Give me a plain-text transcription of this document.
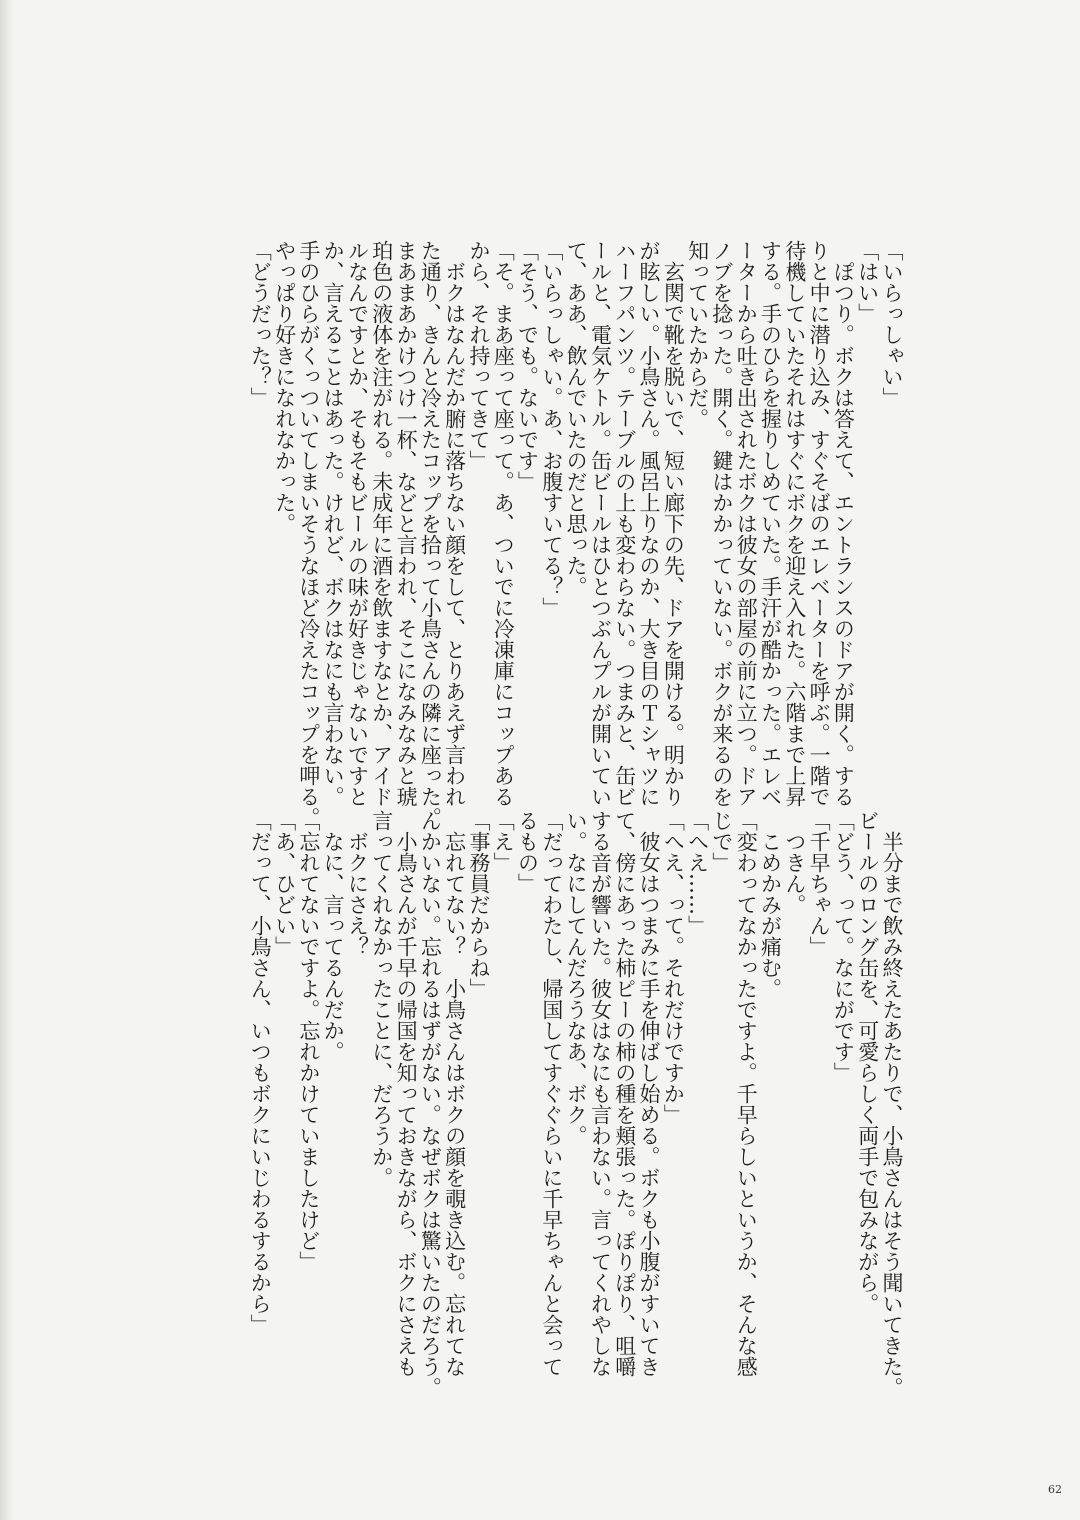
「いらっしゃい」
「はい」
　ぽつり。ボクは答えて、エントランスのドアが開く。する
りと中に潜り込み、すぐそばのエレベーターを呼ぶ。一階で
待機していたそれはすぐにボクを迎え入れた。六階まで上昇
する。手のひらを握りしめていた。手汗が酷かった。エレベ
ーターから吐き出されたボクは彼女の部屋の前に立つ。ドア
ノブを捻った。開く。鍵はかかっていない。ボクが来るのを
知っていたからだ。
　玄関で靴を脱いで、短い廊下の先、ドアを開ける。明かり
が眩しい。小鳥さん。風呂上りなのか、大き目のＴシャツに
ハーフパンツ。テーブルの上も変わらない。つまみと、缶ビ
ールと、電気ケトル。缶ビールはひとつぶんプルが開いてい
て、ああ、飲んでいたのだと思った。
「いらっしゃい。あ、お腹すいてる？」
「そう、でも。ないです」
「そ。まあ座って座って。あ、ついでに冷凍庫にコップある
から、それ持ってきて」
　ボクはなんだか腑に落ちない顔をして、とりあえず言われ
た通り、きんと冷えたコップを拾って小鳥さんの隣に座った。
まあまあかけつけ一杯、などと言われ、そこになみなみと琥
珀色の液体を注がれる。未成年に酒を飲ますなとか、アイド
ルなんですとか、そもそもビールの味が好きじゃないですと
か、言えることはあった。けれど、ボクはなにも言わない。
手のひらがくっついてしまいそうなほど冷えたコップを呷る。
やっぱり好きになれなかった。
「どうだった？」
　半分まで飲み終えたあたりで、小鳥さんはそう聞いてきた。
ビールのロング缶を、可愛らしく両手で包みながら。
「どう、って。なにがです」
「千早ちゃん」
　つきん。
　こめかみが痛む。
「変わってなかったですよ。千早らしいというか、そんな感
じで」
「へえ……」
「へえ、って。それだけですか」
　彼女はつまみに手を伸ばし始める。ボクも小腹がすいてき
て、傍にあった柿ピーの柿の種を頬張った。ぽりぽり、咀嚼
する音が響いた。彼女はなにも言わない。言ってくれやしな
い。なにしてんだろうなあ、ボク。
「だってわたし、帰国してすぐぐらいに千早ちゃんと会って
るもの」
「え」
「事務員だからね」
　忘れてない？　小鳥さんはボクの顔を覗き込む。忘れてな
んかいない。忘れるはずがない。なぜボクは驚いたのだろう。
　小鳥さんが千早の帰国を知っておきながら、ボクにさえも
言ってくれなかったことに、だろうか。
　ボクにさえ？
　なに、言ってるんだか。
「忘れてないですよ。忘れかけていましたけど」
「あ、ひどい」
「だって、小鳥さん、いつもボクにいじわるするから」
62
